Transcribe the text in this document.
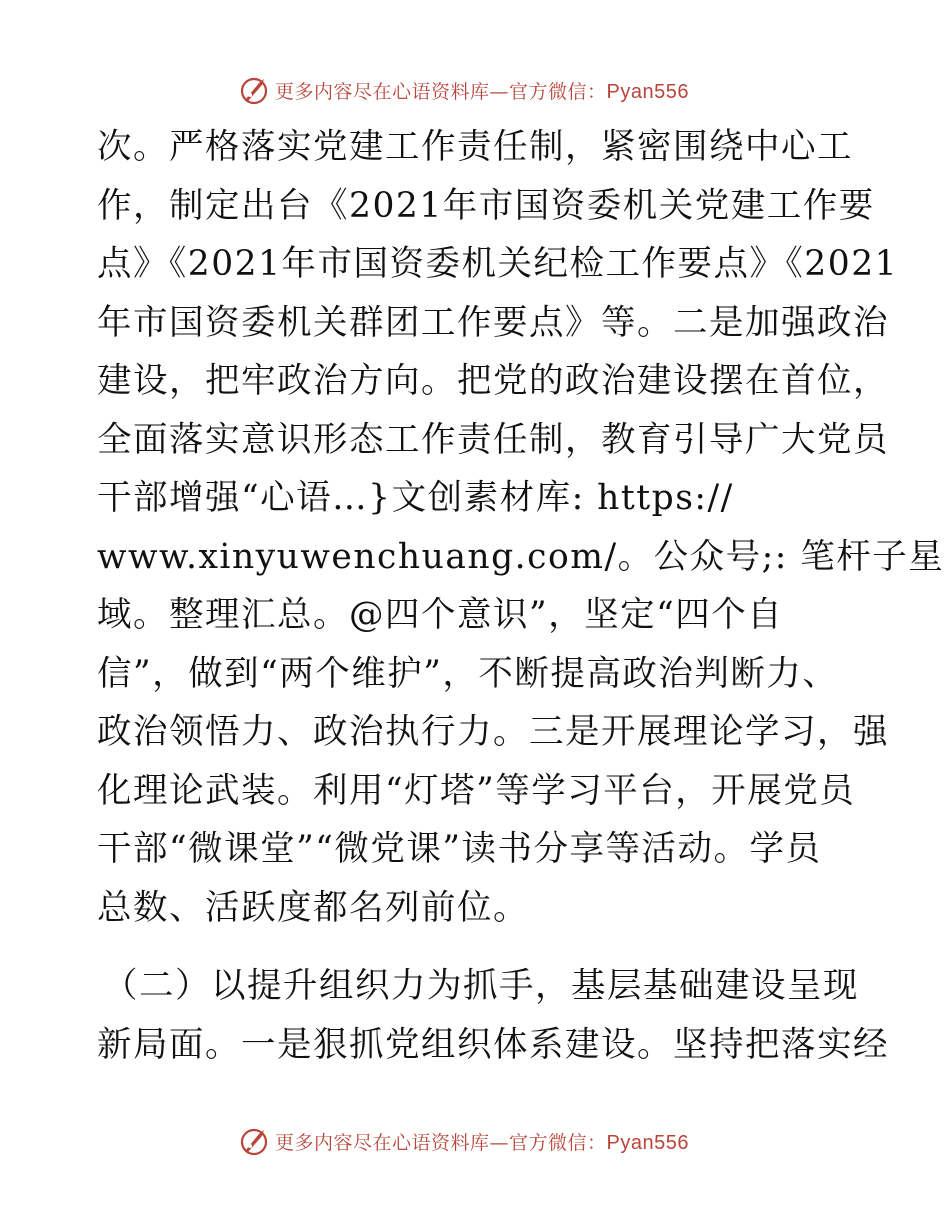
更多内容尽在心语资料库—官方微信：Pyan556
次。严格落实党建工作责任制，紧密围绕中心工
作，制定出台《2021年市国资委机关党建工作要
点》《2021年市国资委机关纪检工作要点》《2021
年市国资委机关群团工作要点》等。二是加强政治
建设，把牢政治方向。把党的政治建设摆在首位，
全面落实意识形态工作责任制，教育引导广大党员
干部增强“心语…}文创素材库: https://
www.xinyuwenchuang.com/。公众号;: 笔杆子星
域。整理汇总。@四个意识”，坚定“四个自
信”，做到“两个维护”，不断提高政治判断力、
政治领悟力、政治执行力。三是开展理论学习，强
化理论武装。利用“灯塔”等学习平台，开展党员
干部“微课堂”“微党课”读书分享等活动。学员
总数、活跃度都名列前位。
（二）以提升组织力为抓手，基层基础建设呈现
新局面。一是狠抓党组织体系建设。坚持把落实经
更多内容尽在心语资料库—官方微信：Pyan556
